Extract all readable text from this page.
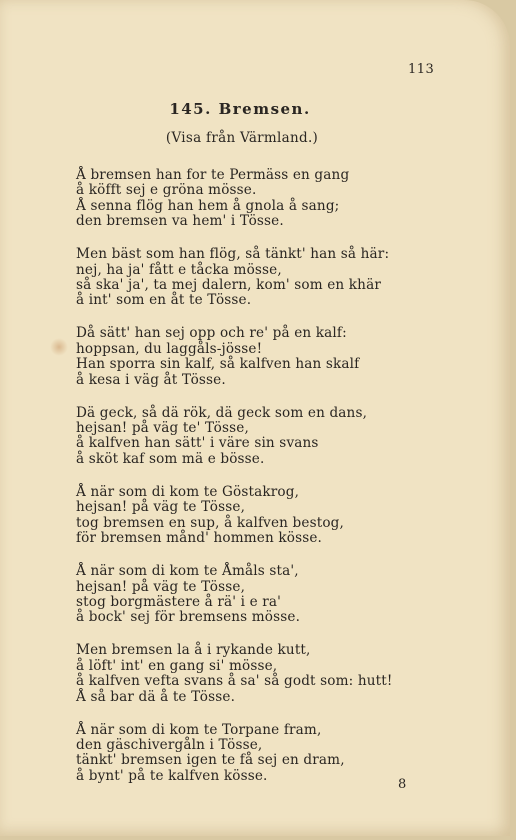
113
145. Bremsen.
(Visa från Värmland.)
Å bremsen han for te Permäss en gang
å köfft sej e gröna mösse.
Å senna flög han hem å gnola å sang;
den bremsen va hem' i Tösse.
Men bäst som han flög, så tänkt' han så här:
nej, ha ja' fått e tåcka mösse,
så ska' ja', ta mej dalern, kom' som en khär
å int' som en åt te Tösse.
Då sätt' han sej opp och re' på en kalf:
hoppsan, du laggåls-jösse!
Han sporra sin kalf, så kalfven han skalf
å kesa i väg åt Tösse.
Dä geck, så dä rök, dä geck som en dans,
hejsan! på väg te' Tösse,
å kalfven han sätt' i väre sin svans
å sköt kaf som mä e bösse.
Å när som di kom te Göstakrog,
hejsan! på väg te Tösse,
tog bremsen en sup, å kalfven bestog,
för bremsen månd' hommen kösse.
Å när som di kom te Åmåls sta',
hejsan! på väg te Tösse,
stog borgmästere å rä' i e ra'
å bock' sej för bremsens mösse.
Men bremsen la å i rykande kutt,
å löft' int' en gang si' mösse,
å kalfven vefta svans å sa' så godt som: hutt!
Å så bar dä å te Tösse.
Å när som di kom te Torpane fram,
den gäschivergåln i Tösse,
tänkt' bremsen igen te få sej en dram,
å bynt' på te kalfven kösse.
8
